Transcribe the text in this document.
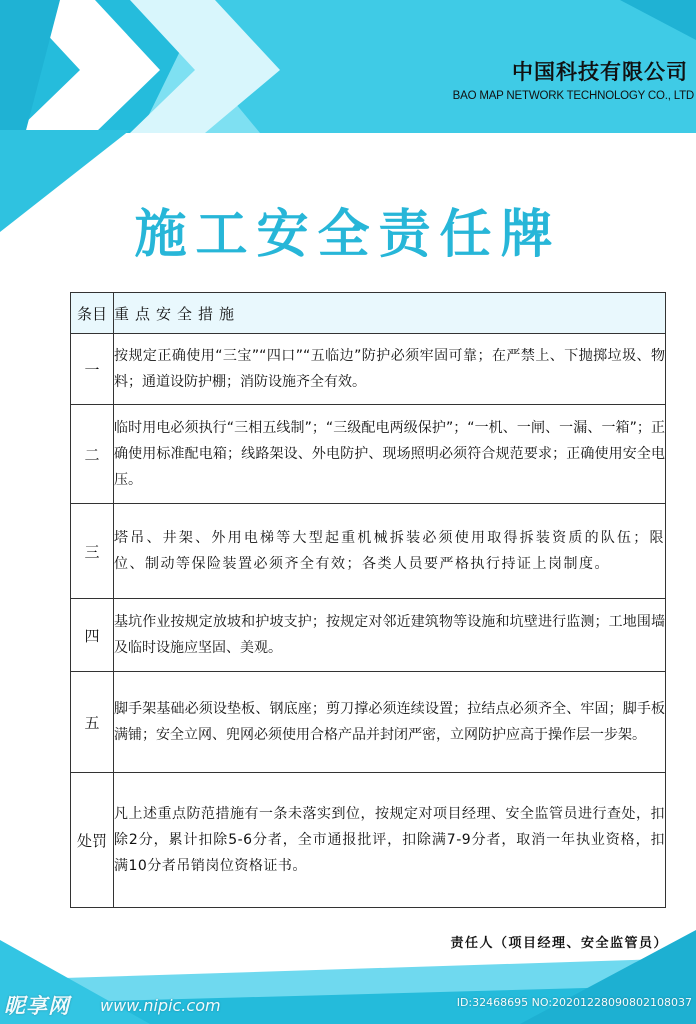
中国科技有限公司
BAO MAP NETWORK TECHNOLOGY CO., LTD
施工安全责任牌
条目	重点安全措施
一	按规定正确使用“三宝”“四口”“五临边”防护必须牢固可靠；在严禁上、下抛掷垃圾、物料；通道设防护棚；消防设施齐全有效。
二	临时用电必须执行“三相五线制”；“三级配电两级保护”；“一机、一闸、一漏、一箱”；正确使用标准配电箱；线路架设、外电防护、现场照明必须符合规范要求；正确使用安全电压。
三	塔吊、井架、外用电梯等大型起重机械拆装必须使用取得拆装资质的队伍；限位、制动等保险装置必须齐全有效；各类人员要严格执行持证上岗制度。
四	基坑作业按规定放坡和护坡支护；按规定对邻近建筑物等设施和坑壁进行监测；工地围墙及临时设施应坚固、美观。
五	脚手架基础必须设垫板、钢底座；剪刀撑必须连续设置；拉结点必须齐全、牢固；脚手板满铺；安全立网、兜网必须使用合格产品并封闭严密，立网防护应高于操作层一步架。
处罚	凡上述重点防范措施有一条未落实到位，按规定对项目经理、安全监管员进行查处，扣除2分，累计扣除5-6分者，全市通报批评，扣除满7-9分者，取消一年执业资格，扣满10分者吊销岗位资格证书。
责任人（项目经理、安全监管员）
昵享网 www.nipic.com	ID:32468695 NO:20201228090802108037
